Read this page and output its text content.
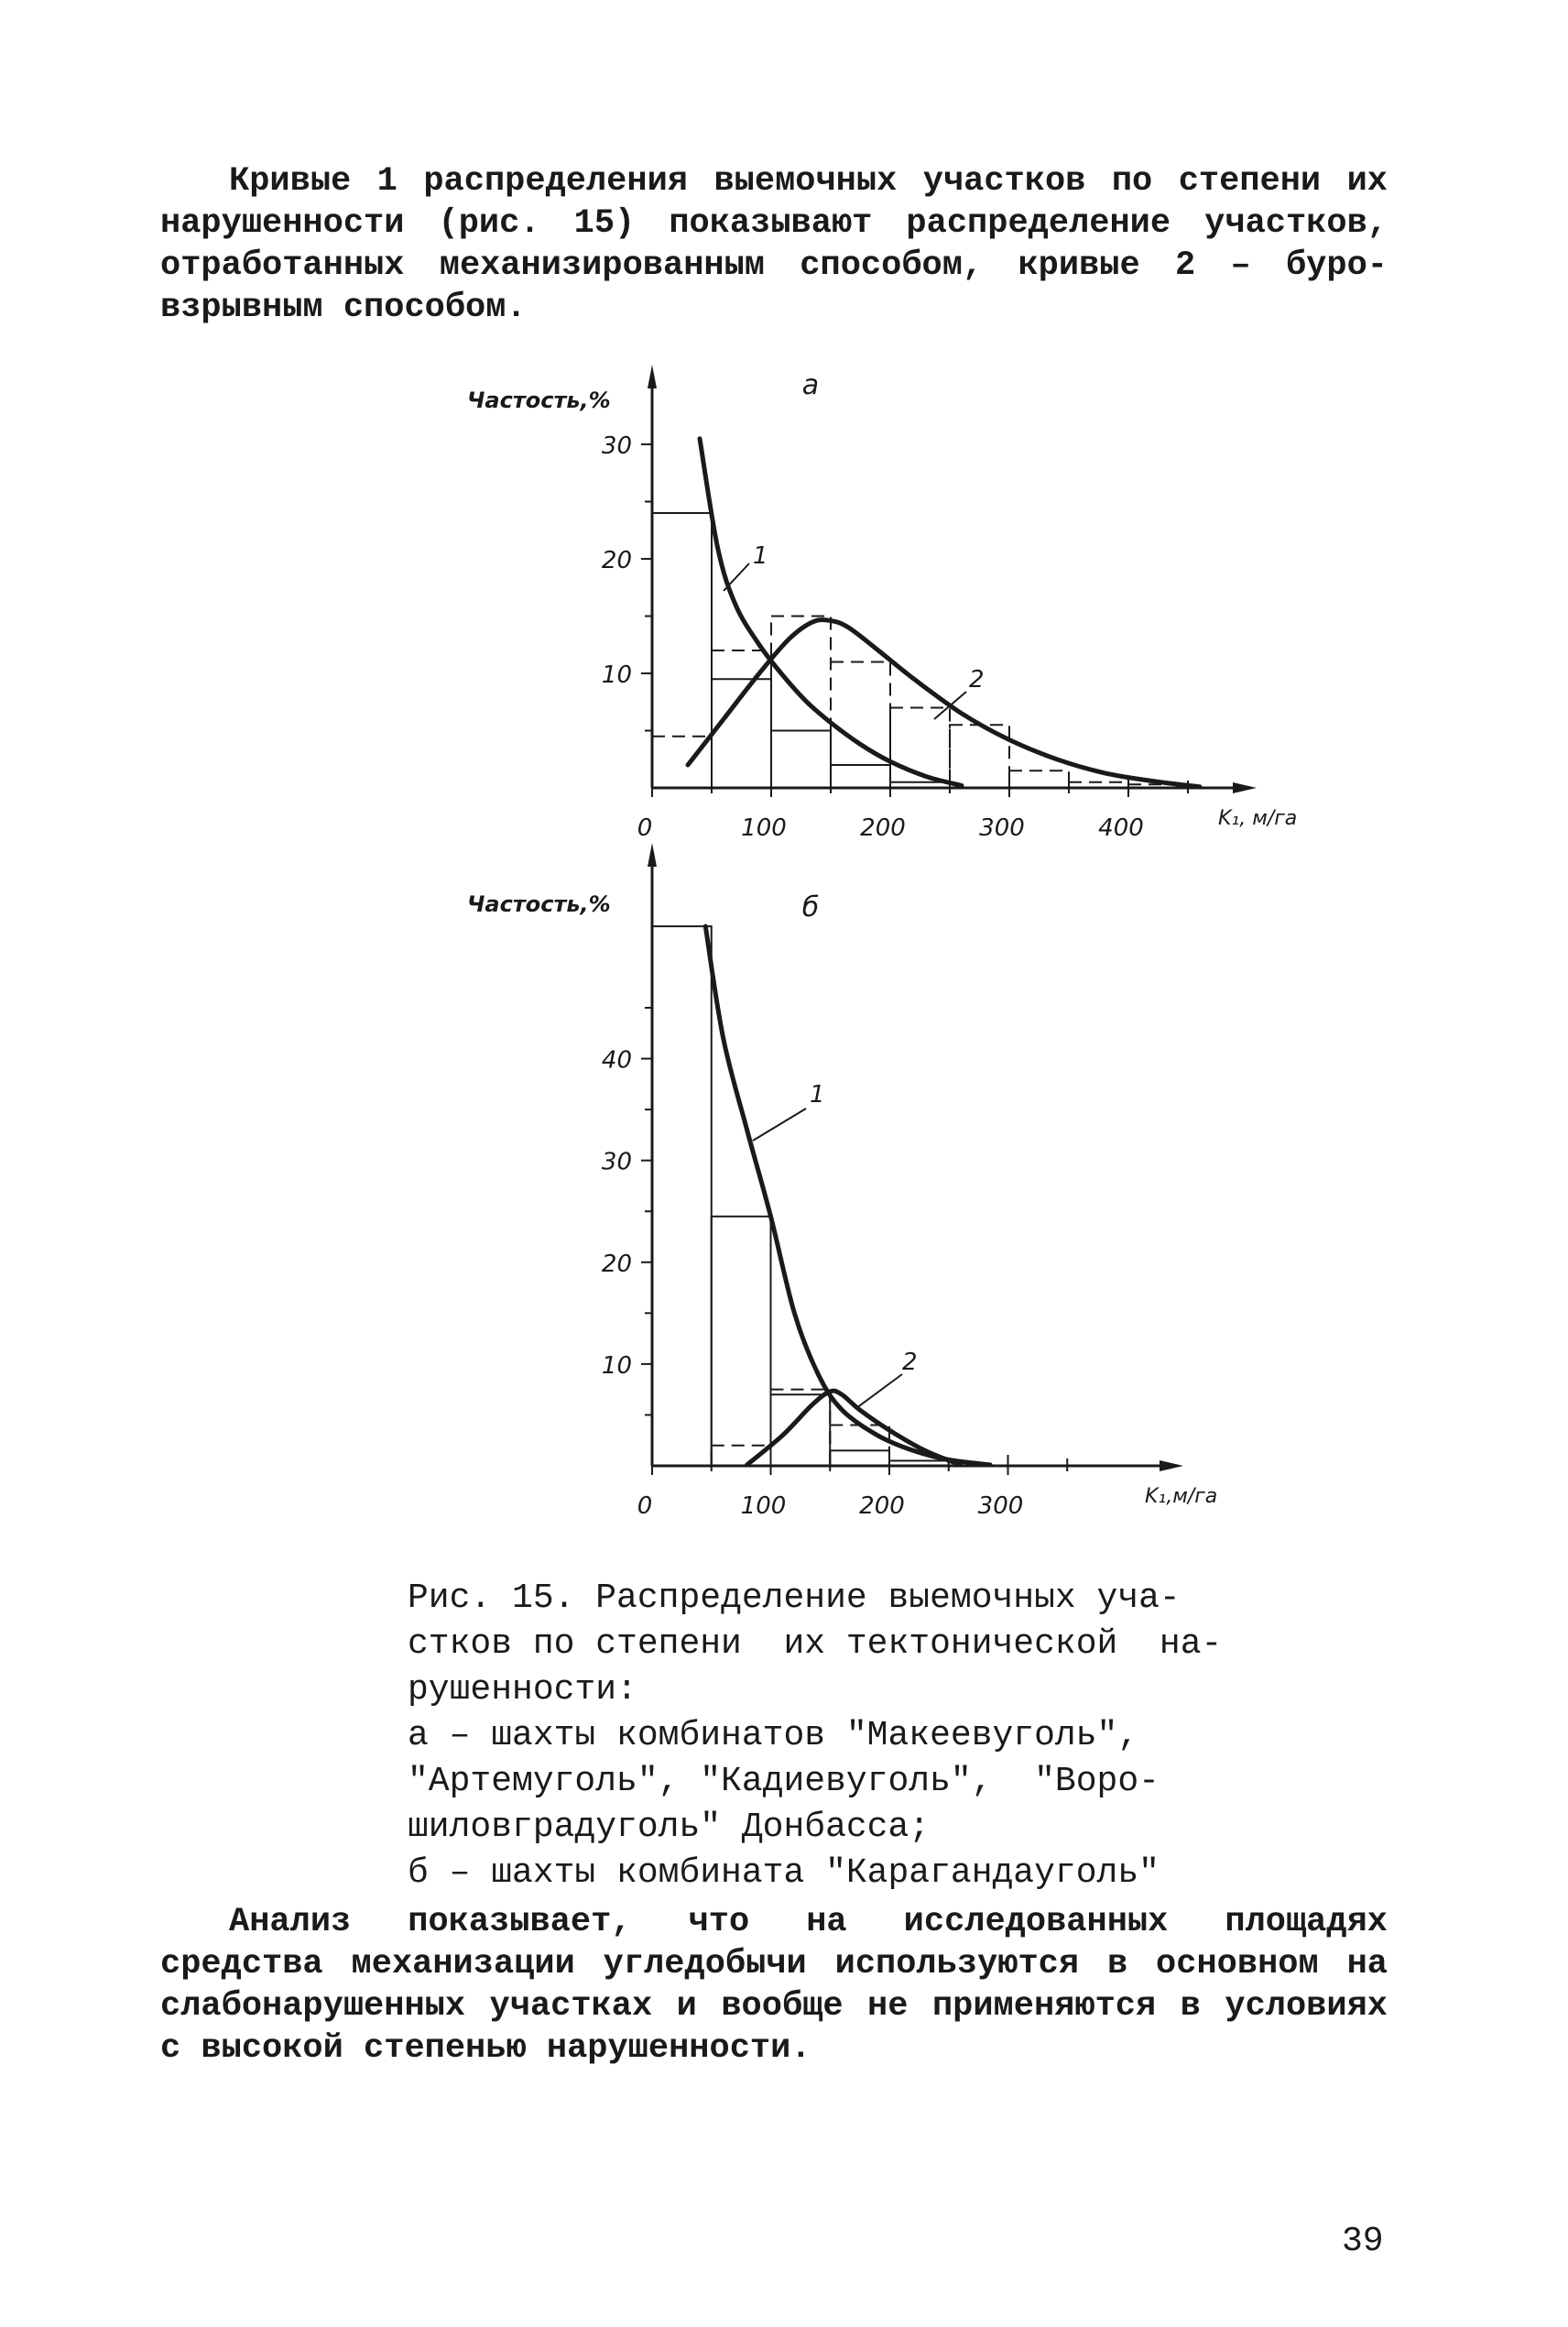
Кривые 1 распределения выемочных участков по степени их нарушенности (рис. 15) показывают распределение участков, отработанных механизированным способом, кривые 2 – буро-взрывным способом.

0	100	200	300	400
10
20
30
Частость,%
K₁, м/га
а
1
2
0	100	200	300
10
20
30
40
Частость,%
K₁,м/га
б
1
2
Рис. 15. Распределение выемочных уча-
стков по степени  их тектонической  на-
рушенности:
а – шахты комбинатов "Макеевуголь",
"Артемуголь", "Кадиевуголь",  "Воро-
шиловградуголь" Донбасса;
б – шахты комбината "Карагандауголь"

Анализ показывает, что на исследованных площадях средства механизации угледобычи используются в основном на слабонарушенных участках и вообще не применяются в условиях с высокой степенью нарушенности.

39
